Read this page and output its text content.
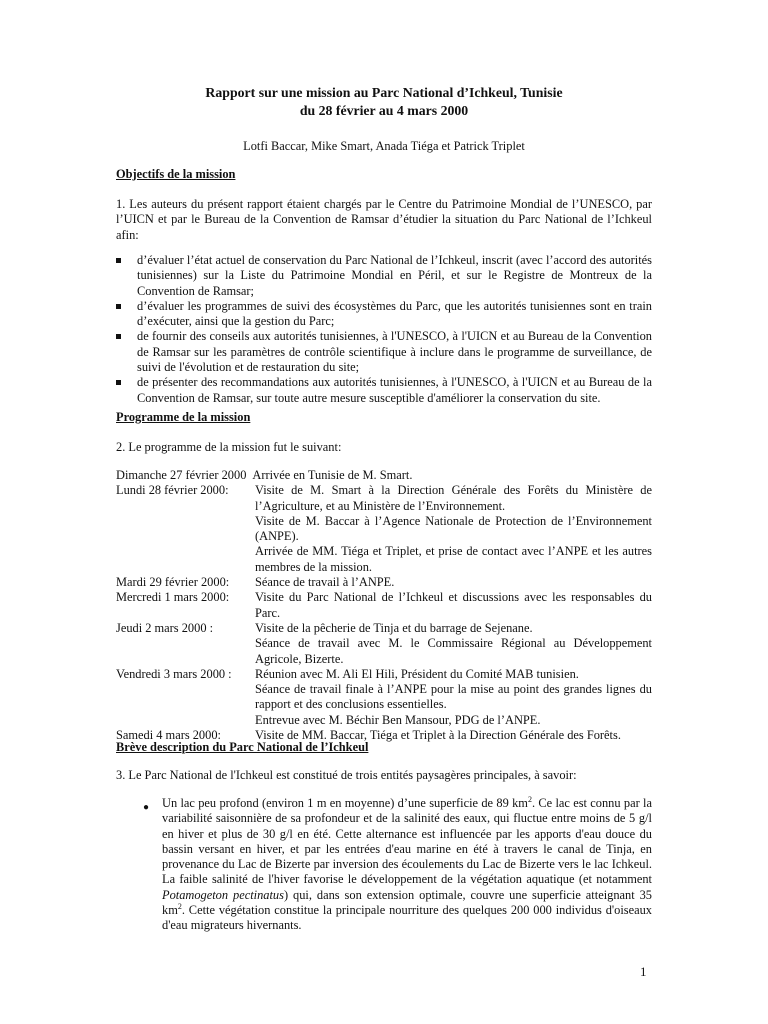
Rapport sur une mission au Parc National d’Ichkeul, Tunisie
du 28 février au 4 mars 2000
Lotfi Baccar, Mike Smart, Anada Tiéga et Patrick Triplet
Objectifs de la mission

1. Les auteurs du présent rapport étaient chargés par le Centre du Patrimoine Mondial de l’UNESCO, par l’UICN et par le Bureau de la Convention de Ramsar d’étudier la situation du Parc National de l’Ichkeul afin:

d’évaluer l’état actuel de conservation du Parc National de l’Ichkeul, inscrit (avec l’accord des autorités tunisiennes) sur la Liste du Patrimoine Mondial en Péril, et sur le Registre de Montreux de la Convention de Ramsar;
d’évaluer les programmes de suivi des écosystèmes du Parc, que les autorités tunisiennes sont en train d’exécuter, ainsi que la gestion du Parc;
de fournir des conseils aux autorités tunisiennes, à l'UNESCO, à l'UICN et au Bureau de la Convention de Ramsar sur les paramètres de contrôle scientifique à inclure dans le programme de surveillance, de suivi de l'évolution et de restauration du site;
de présenter des recommandations aux autorités tunisiennes, à l'UNESCO, à l'UICN et au Bureau de la Convention de Ramsar, sur toute autre mesure susceptible d'améliorer la conservation du site.
Programme de la mission

2. Le programme de la mission fut le suivant:

Dimanche 27 février 2000 Arrivée en Tunisie de M. Smart.
Lundi 28 février 2000:	Visite de M. Smart à la Direction Générale des Forêts du Ministère de l’Agriculture, et au Ministère de l’Environnement.
Visite de M. Baccar à l’Agence Nationale de Protection de l’Environnement (ANPE).
Arrivée de MM. Tiéga et Triplet, et prise de contact avec l’ANPE et les autres membres de la mission.
Mardi 29 février 2000:	Séance de travail à l’ANPE.
Mercredi 1 mars 2000:	Visite du Parc National de l’Ichkeul et discussions avec les responsables du Parc.
Jeudi 2 mars 2000 :	Visite de la pêcherie de Tinja et du barrage de Sejenane.
Séance de travail avec M. le Commissaire Régional au Développement Agricole, Bizerte.
Vendredi 3 mars 2000 :	Réunion avec M. Ali El Hili, Président du Comité MAB tunisien.
Séance de travail finale à l’ANPE pour la mise au point des grandes lignes du rapport et des conclusions essentielles.
Entrevue avec M. Béchir Ben Mansour, PDG de l’ANPE.
Samedi 4 mars 2000:	Visite de MM. Baccar, Tiéga et Triplet à la Direction Générale des Forêts.
Brève description du Parc National de l’Ichkeul

3. Le Parc National de l'Ichkeul est constitué de trois entités paysagères principales, à savoir:

● Un lac peu profond (environ 1 m en moyenne) d’une superficie de 89 $km^2$. Ce lac est connu par la variabilité saisonnière de sa profondeur et de la salinité des eaux, qui fluctue entre moins de 5 g/l en hiver et plus de 30 g/l en été. Cette alternance est influencée par les apports d'eau douce du bassin versant en hiver, et par les entrées d'eau marine en été à travers le canal de Tinja, en provenance du Lac de Bizerte par inversion des écoulements du Lac de Bizerte vers le lac Ichkeul. La faible salinité de l'hiver favorise le développement de la végétation aquatique (et notamment Potamogeton pectinatus) qui, dans son extension optimale, couvre une superficie atteignant 35 $km^2$. Cette végétation constitue la principale nourriture des quelques 200 000 individus d'oiseaux d'eau migrateurs hivernants.
1
